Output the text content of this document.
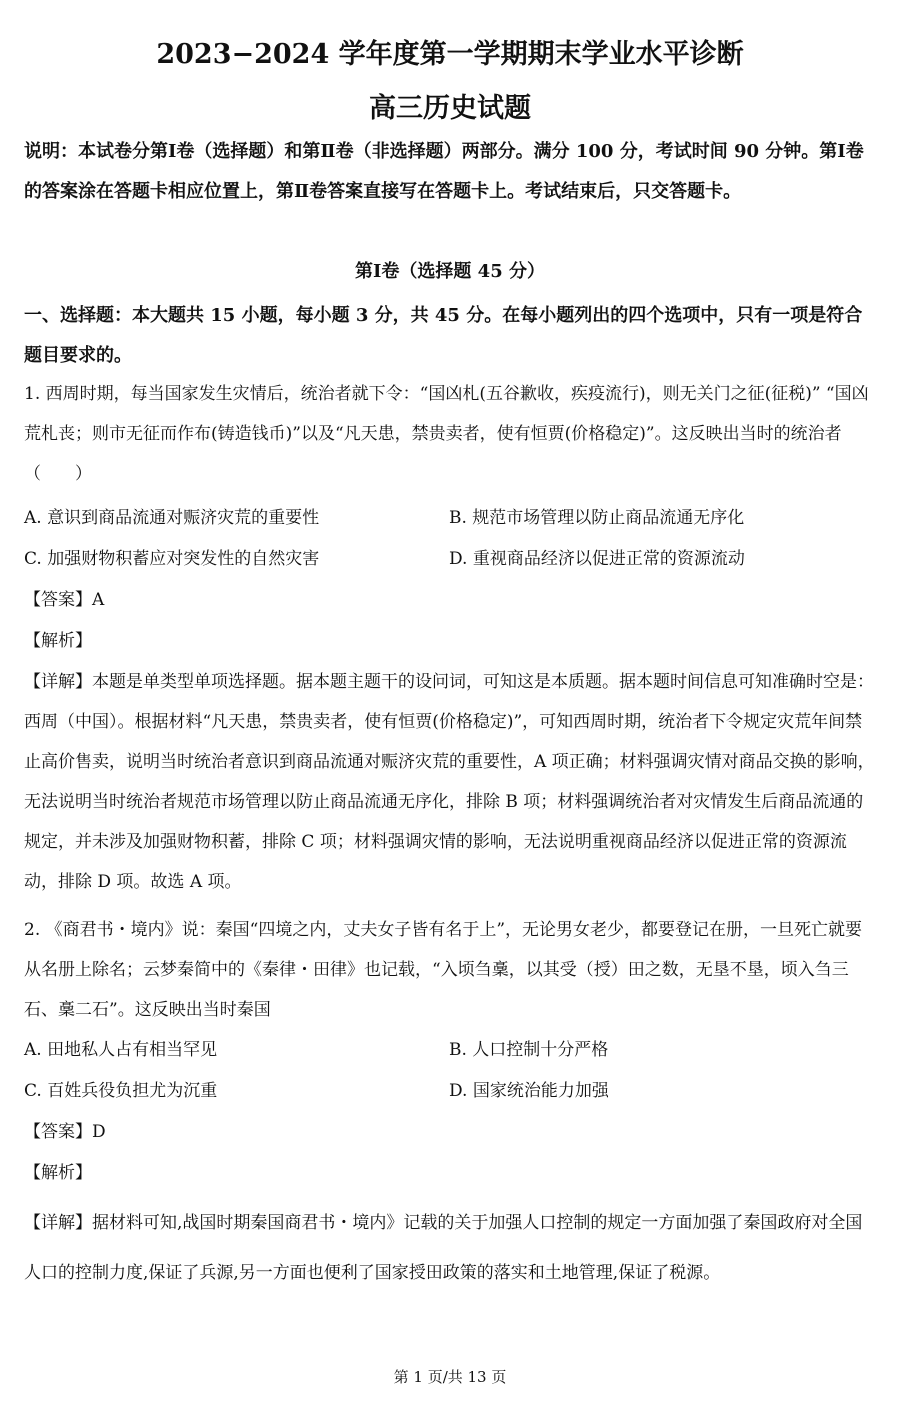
2023−2024 学年度第一学期期末学业水平诊断
高三历史试题
说明：本试卷分第Ⅰ卷（选择题）和第Ⅱ卷（非选择题）两部分。满分 100 分，考试时间 90 分钟。第Ⅰ卷的答案涂在答题卡相应位置上，第Ⅱ卷答案直接写在答题卡上。考试结束后，只交答题卡。
第Ⅰ卷（选择题 45 分）
一、选择题：本大题共 15 小题，每小题 3 分，共 45 分。在每小题列出的四个选项中，只有一项是符合题目要求的。
1. 西周时期，每当国家发生灾情后，统治者就下令：“国凶札(五谷歉收，疾疫流行)，则无关门之征(征税)” “国凶荒札丧；则市无征而作布(铸造钱币)”以及“凡天患，禁贵卖者，使有恒贾(价格稳定)”。这反映出当时的统治者（　　）
A. 意识到商品流通对赈济灾荒的重要性	B. 规范市场管理以防止商品流通无序化
C. 加强财物积蓄应对突发性的自然灾害	D. 重视商品经济以促进正常的资源流动
【答案】A
【解析】
【详解】本题是单类型单项选择题。据本题主题干的设问词，可知这是本质题。据本题时间信息可知准确时空是：西周（中国）。根据材料“凡天患，禁贵卖者，使有恒贾(价格稳定)”，可知西周时期，统治者下令规定灾荒年间禁止高价售卖，说明当时统治者意识到商品流通对赈济灾荒的重要性，A 项正确；材料强调灾情对商品交换的影响，无法说明当时统治者规范市场管理以防止商品流通无序化，排除 B 项；材料强调统治者对灾情发生后商品流通的规定，并未涉及加强财物积蓄，排除 C 项；材料强调灾情的影响，无法说明重视商品经济以促进正常的资源流动，排除 D 项。故选 A 项。
2. 《商君书・境内》说：秦国“四境之内，丈夫女子皆有名于上”，无论男女老少，都要登记在册，一旦死亡就要从名册上除名；云梦秦简中的《秦律・田律》也记载，“入顷刍稾，以其受（授）田之数，无垦不垦，顷入刍三石、稾二石”。这反映出当时秦国
A. 田地私人占有相当罕见	B. 人口控制十分严格
C. 百姓兵役负担尤为沉重	D. 国家统治能力加强
【答案】D
【解析】
【详解】据材料可知,战国时期秦国商君书・境内》记载的关于加强人口控制的规定一方面加强了秦国政府对全国人口的控制力度,保证了兵源,另一方面也便利了国家授田政策的落实和土地管理,保证了税源。
第 1 页/共 13 页
